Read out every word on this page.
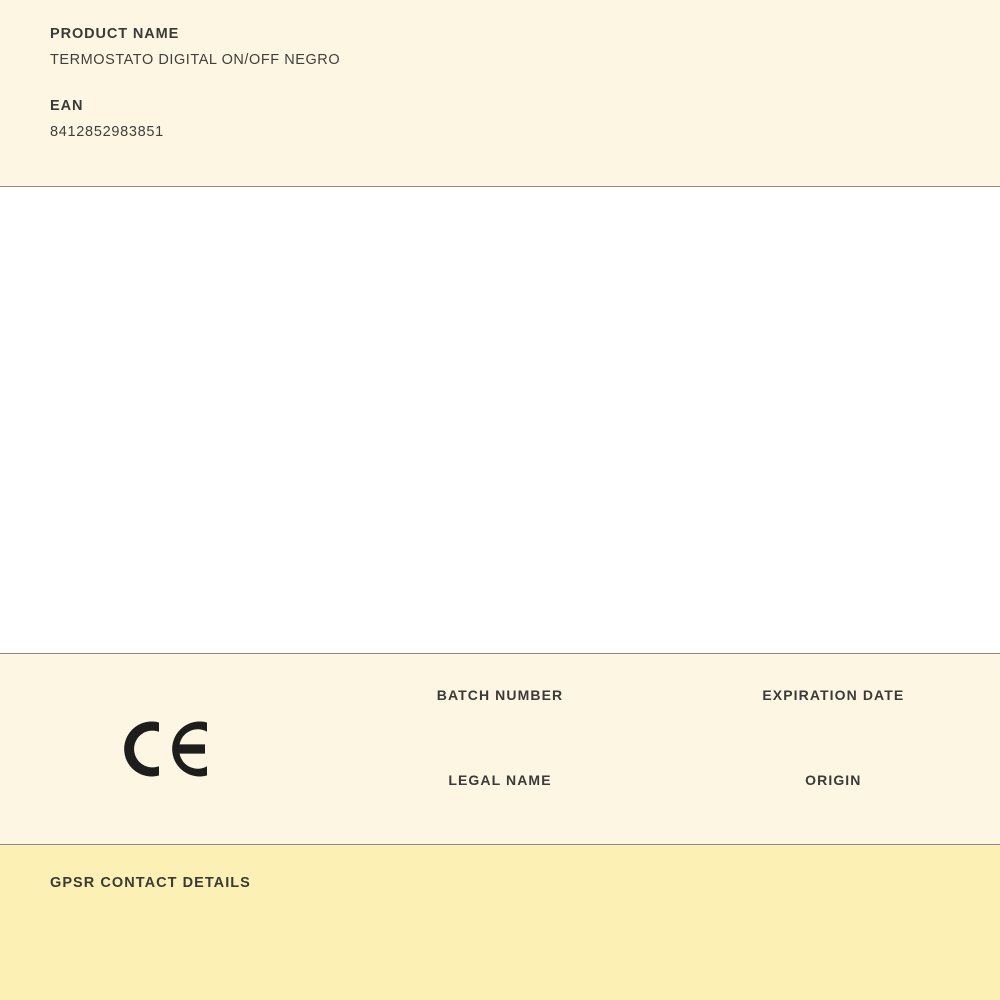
PRODUCT NAME

TERMOSTATO DIGITAL ON/OFF NEGRO

EAN

8412852983851

BATCH NUMBER	EXPIRATION DATE
LEGAL NAME	ORIGIN

GPSR CONTACT DETAILS
